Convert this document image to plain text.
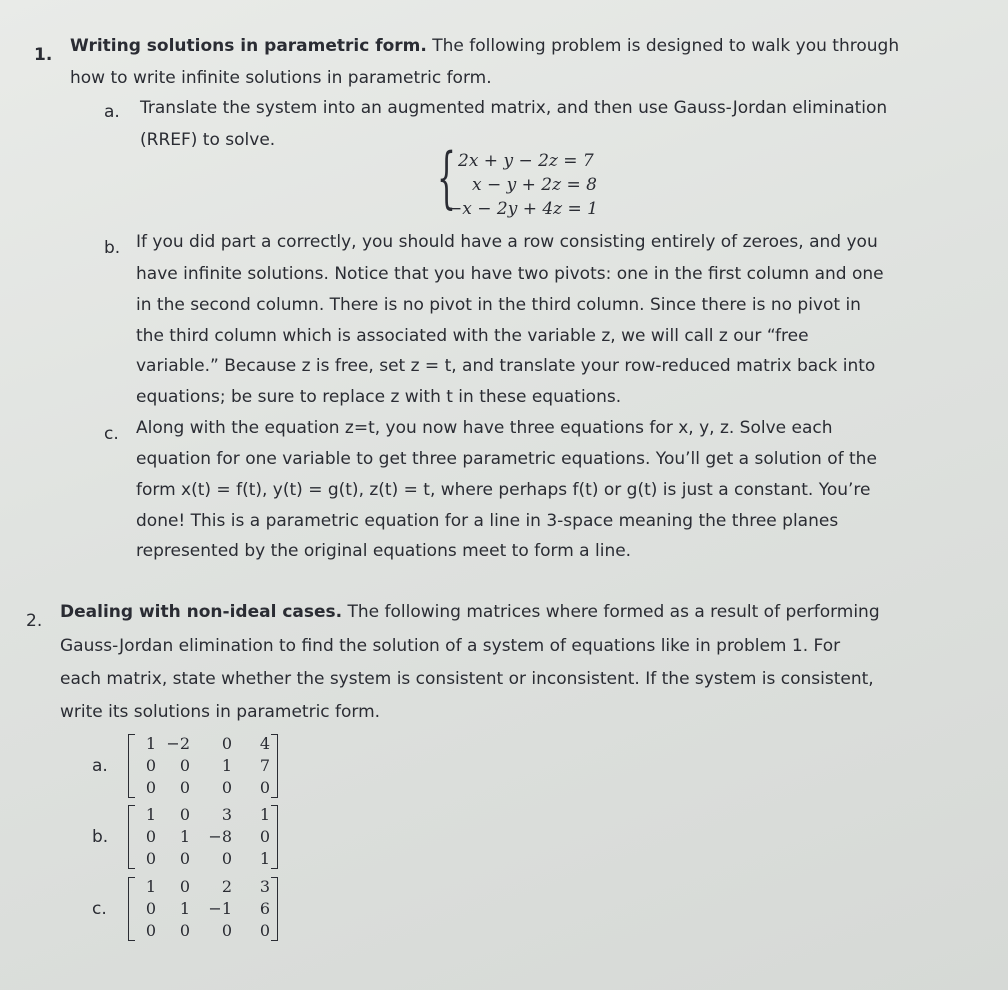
1. Writing solutions in parametric form. The following problem is designed to walk you through
how to write infinite solutions in parametric form.
a. Translate the system into an augmented matrix, and then use Gauss-Jordan elimination
(RREF) to solve. { 2x + y − 2z = 7
x − y + 2z = 8
−x − 2y + 4z = 1
b. If you did part a correctly, you should have a row consisting entirely of zeroes, and you
have infinite solutions. Notice that you have two pivots: one in the first column and one
in the second column. There is no pivot in the third column. Since there is no pivot in
the third column which is associated with the variable z, we will call z our “free
variable.” Because z is free, set z = t, and translate your row-reduced matrix back into
equations; be sure to replace z with t in these equations.
c. Along with the equation z=t, you now have three equations for x, y, z. Solve each
equation for one variable to get three parametric equations. You’ll get a solution of the
form x(t) = f(t), y(t) = g(t), z(t) = t, where perhaps f(t) or g(t) is just a constant. You’re
done! This is a parametric equation for a line in 3-space meaning the three planes
represented by the original equations meet to form a line.
2. Dealing with non-ideal cases. The following matrices where formed as a result of performing
Gauss-Jordan elimination to find the solution of a system of equations like in problem 1. For
each matrix, state whether the system is consistent or inconsistent. If the system is consistent,
write its solutions in parametric form.
a.
1 −2	0	4
0	0	1	7
0	0	0	0
b.
1	0	3	1
0	1 −8	0
0	0	0	1
c.
1	0	2	3
0	1 −1	6
0	0	0	0
